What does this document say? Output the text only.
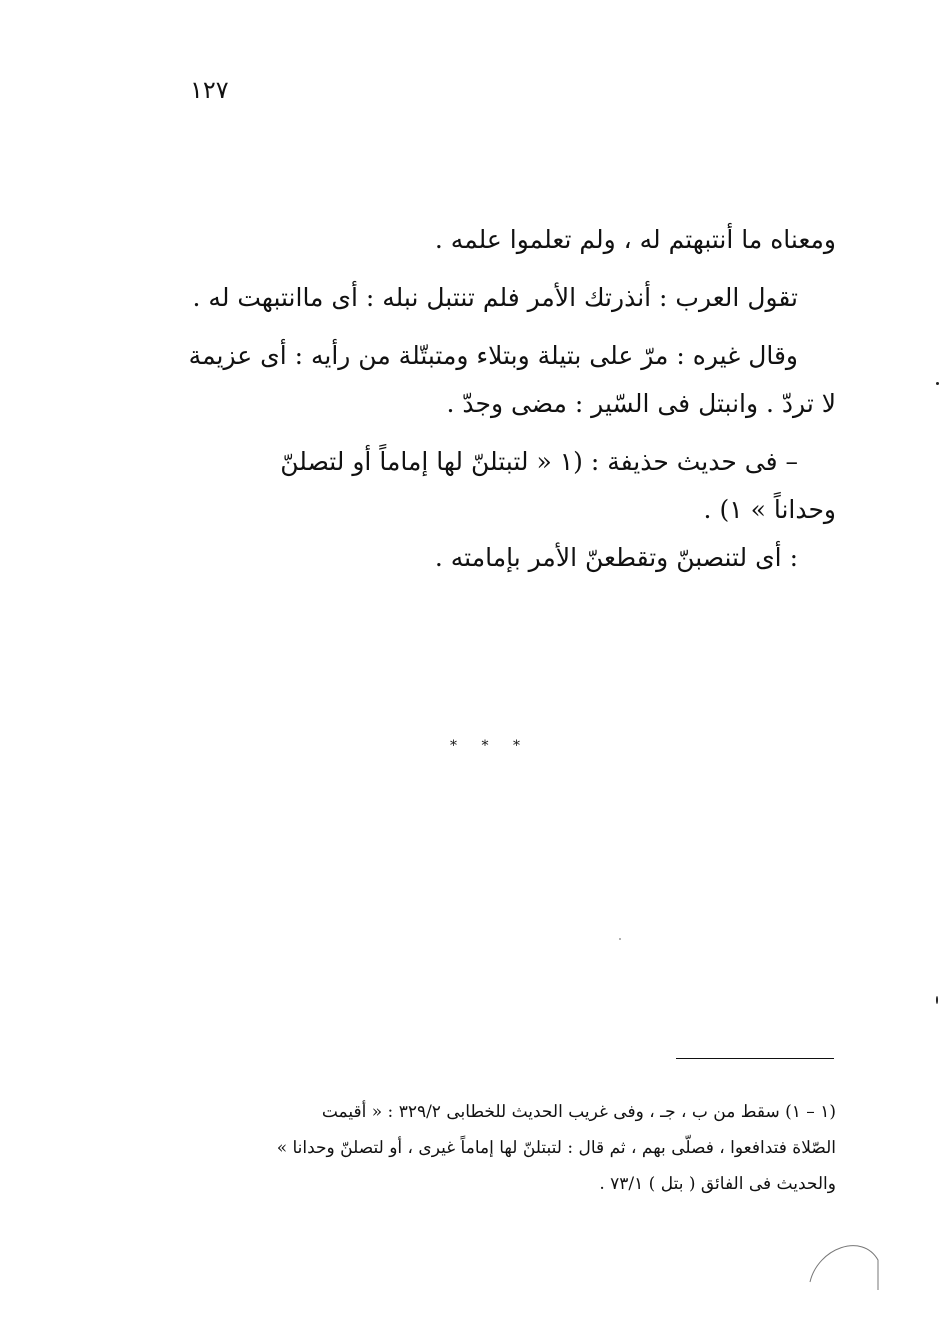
١٢٧

ومعناه ما أنتبهتم له ، ولم تعلموا علمه .

تقول العرب : أنذرتك الأمر فلم تنتبل نبله : أى ماانتبهت له .

وقال غيره : مرّ على بتيلة وبتلاء ومتبتّلة من رأيه : أى عزيمة

لا تردّ . وانبتل فى السّير : مضى وجدّ .

– فى حديث حذيفة : (١ « لتبتلنّ لها إماماً أو لتصلنّ

وحداناً » ١) .

: أى لتنصبنّ وتقطعنّ الأمر بإمامته .

* * *

(١ – ١) سقط من ب ، جـ ، وفى غريب الحديث للخطابى ٣٢٩/٢ : « أقيمت

الصّلاة فتدافعوا ، فصلّى بهم ، ثم قال : لتبتلنّ لها إماماً غيرى ، أو لتصلنّ وحدانا »

والحديث فى الفائق ( بتل ) ٧٣/١ .
